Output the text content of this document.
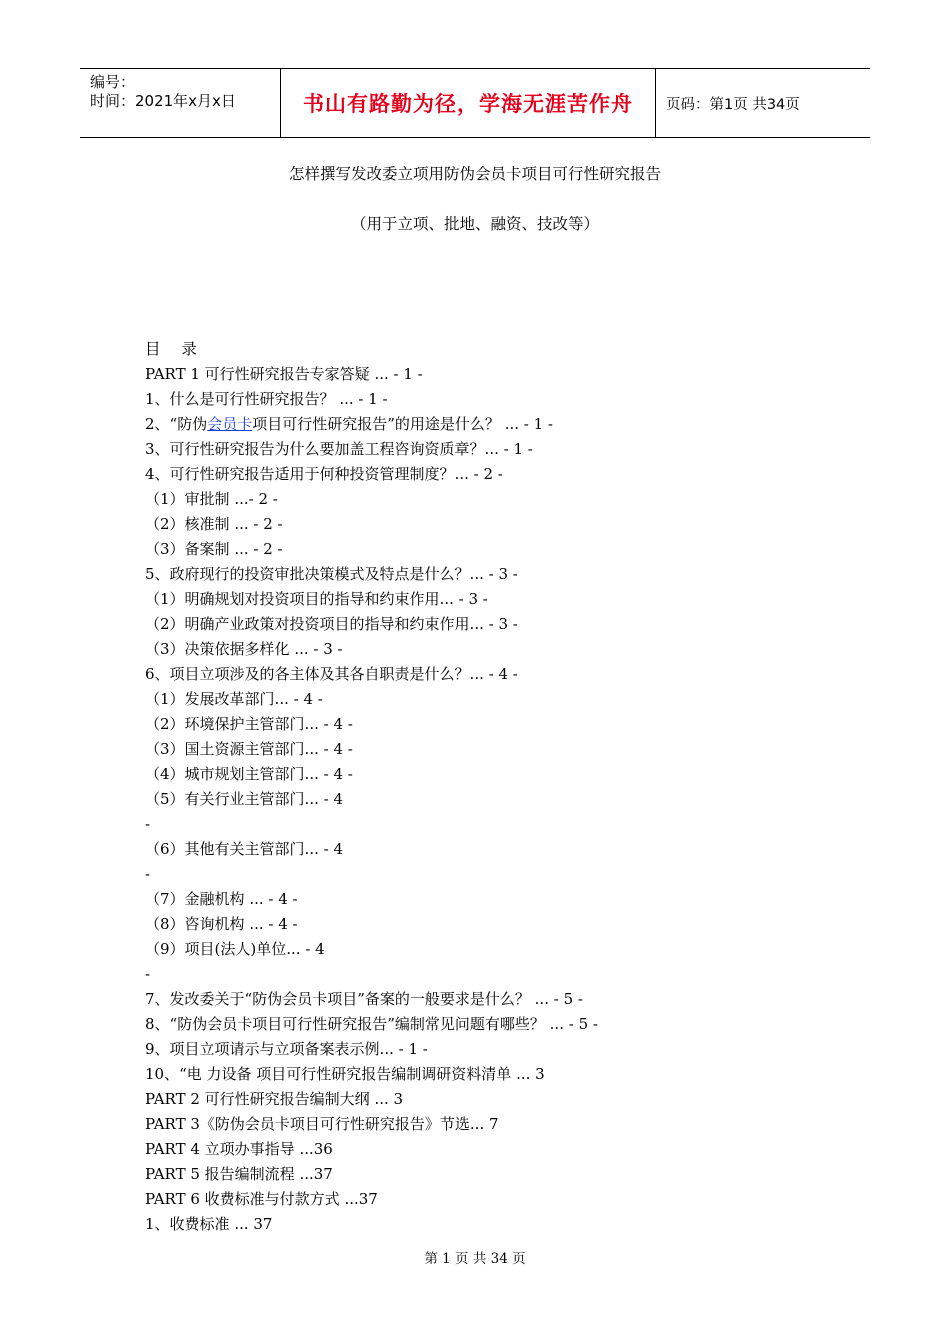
编号：
时间：2021年x月x日	书山有路勤为径，学海无涯苦作舟 页码：第1页 共34页
怎样撰写发改委立项用防伪会员卡项目可行性研究报告
（用于立项、批地、融资、技改等）
目 录
PART 1 可行性研究报告专家答疑 ... - 1 -
1、什么是可行性研究报告？ ... - 1 -
2、“防伪会员卡项目可行性研究报告”的用途是什么？ ... - 1 -
3、可行性研究报告为什么要加盖工程咨询资质章？... - 1 -
4、可行性研究报告适用于何种投资管理制度？... - 2 -
（1）审批制 ...- 2 -
（2）核准制 ... - 2 -
（3）备案制 ... - 2 -
5、政府现行的投资审批决策模式及特点是什么？... - 3 -
（1）明确规划对投资项目的指导和约束作用... - 3 -
（2）明确产业政策对投资项目的指导和约束作用... - 3 -
（3）决策依据多样化 ... - 3 -
6、项目立项涉及的各主体及其各自职责是什么？... - 4 -
（1）发展改革部门... - 4 -
（2）环境保护主管部门... - 4 -
（3）国土资源主管部门... - 4 -
（4）城市规划主管部门... - 4 -
（5）有关行业主管部门... - 4
-
（6）其他有关主管部门... - 4
-
（7）金融机构 ... - 4 -
（8）咨询机构 ... - 4 -
（9）项目(法人)单位... - 4
-
7、发改委关于“防伪会员卡项目”备案的一般要求是什么？ ... - 5 -
8、“防伪会员卡项目可行性研究报告”编制常见问题有哪些？ ... - 5 -
9、项目立项请示与立项备案表示例... - 1 -
10、“电 力设备 项目可行性研究报告编制调研资料清单 ... 3
PART 2 可行性研究报告编制大纲 ... 3
PART 3《防伪会员卡项目可行性研究报告》节选... 7
PART 4 立项办事指导 ...36
PART 5 报告编制流程 ...37
PART 6 收费标准与付款方式 ...37
1、收费标准 ... 37
第 1 页 共 34 页
